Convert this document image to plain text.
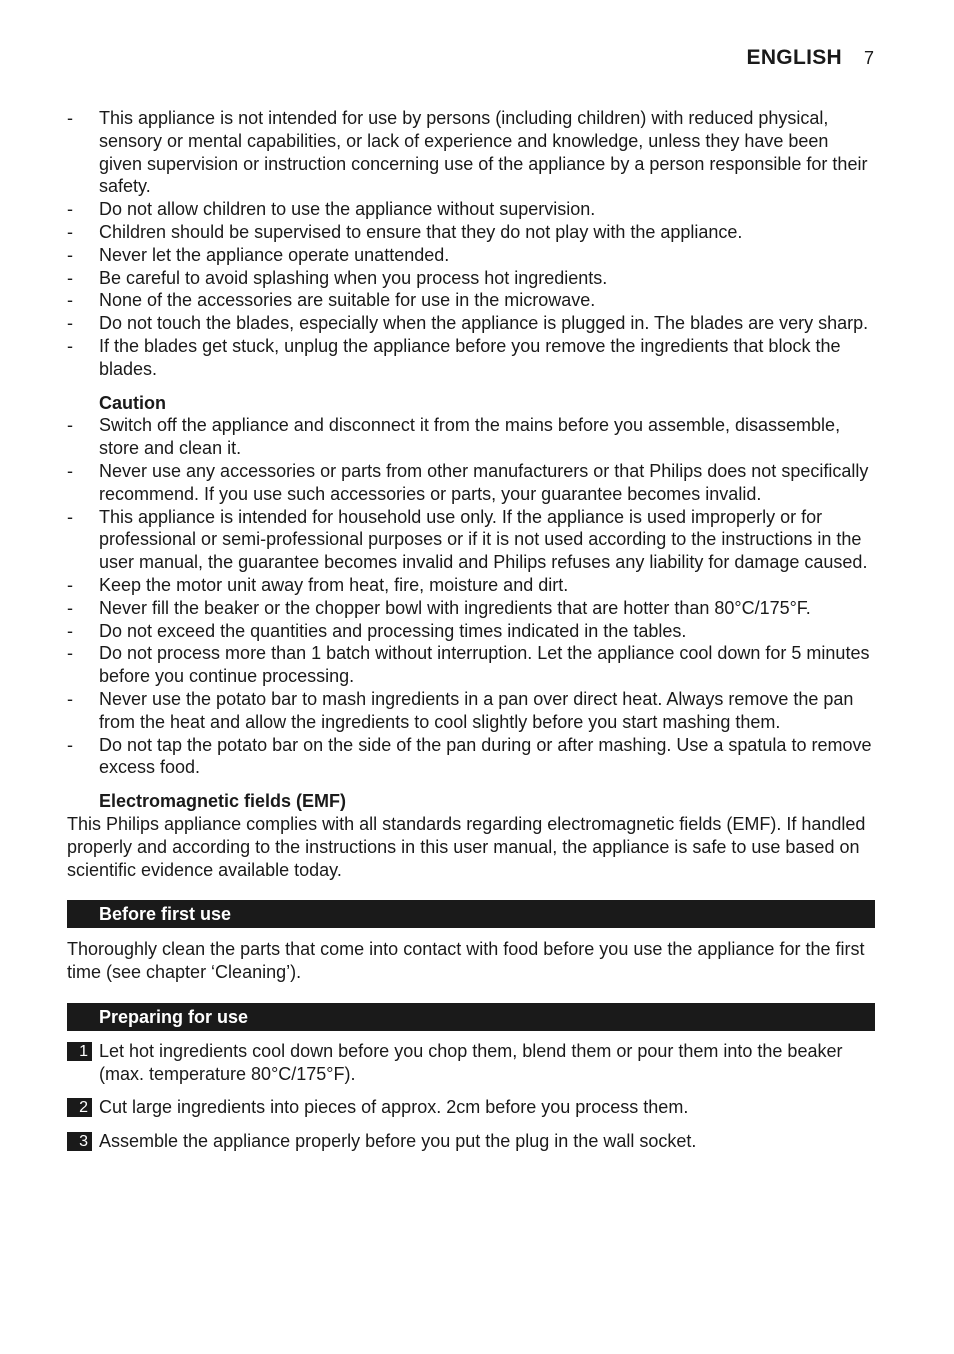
ENGLISH 7
- This appliance is not intended for use by persons (including children) with reduced physical, sensory or mental capabilities, or lack of experience and knowledge, unless they have been given supervision or instruction concerning use of the appliance by a person responsible for their safety.
- Do not allow children to use the appliance without supervision.
- Children should be supervised to ensure that they do not play with the appliance.
- Never let the appliance operate unattended.
- Be careful to avoid splashing when you process hot ingredients.
- None of the accessories are suitable for use in the microwave.
- Do not touch the blades, especially when the appliance is plugged in. The blades are very sharp.
- If the blades get stuck, unplug the appliance before you remove the ingredients that block the blades.
Caution
- Switch off the appliance and disconnect it from the mains before you assemble, disassemble, store and clean it.
- Never use any accessories or parts from other manufacturers or that Philips does not specifically recommend. If you use such accessories or parts, your guarantee becomes invalid.
- This appliance is intended for household use only. If the appliance is used improperly or for professional or semi-professional purposes or if it is not used according to the instructions in the user manual, the guarantee becomes invalid and Philips refuses any liability for damage caused.
- Keep the motor unit away from heat, fire, moisture and dirt.
- Never fill the beaker or the chopper bowl with ingredients that are hotter than 80°C/175°F.
- Do not exceed the quantities and processing times indicated in the tables.
- Do not process more than 1 batch without interruption. Let the appliance cool down for 5 minutes before you continue processing.
- Never use the potato bar to mash ingredients in a pan over direct heat. Always remove the pan from the heat and allow the ingredients to cool slightly before you start mashing them.
- Do not tap the potato bar on the side of the pan during or after mashing. Use a spatula to remove excess food.
Electromagnetic fields (EMF)

This Philips appliance complies with all standards regarding electromagnetic fields (EMF). If handled properly and according to the instructions in this user manual, the appliance is safe to use based on scientific evidence available today.

Before first use

Thoroughly clean the parts that come into contact with food before you use the appliance for the first time (see chapter ‘Cleaning’).

Preparing for use
1 Let hot ingredients cool down before you chop them, blend them or pour them into the beaker (max. temperature 80°C/175°F).
2 Cut large ingredients into pieces of approx. 2cm before you process them.
3 Assemble the appliance properly before you put the plug in the wall socket.
